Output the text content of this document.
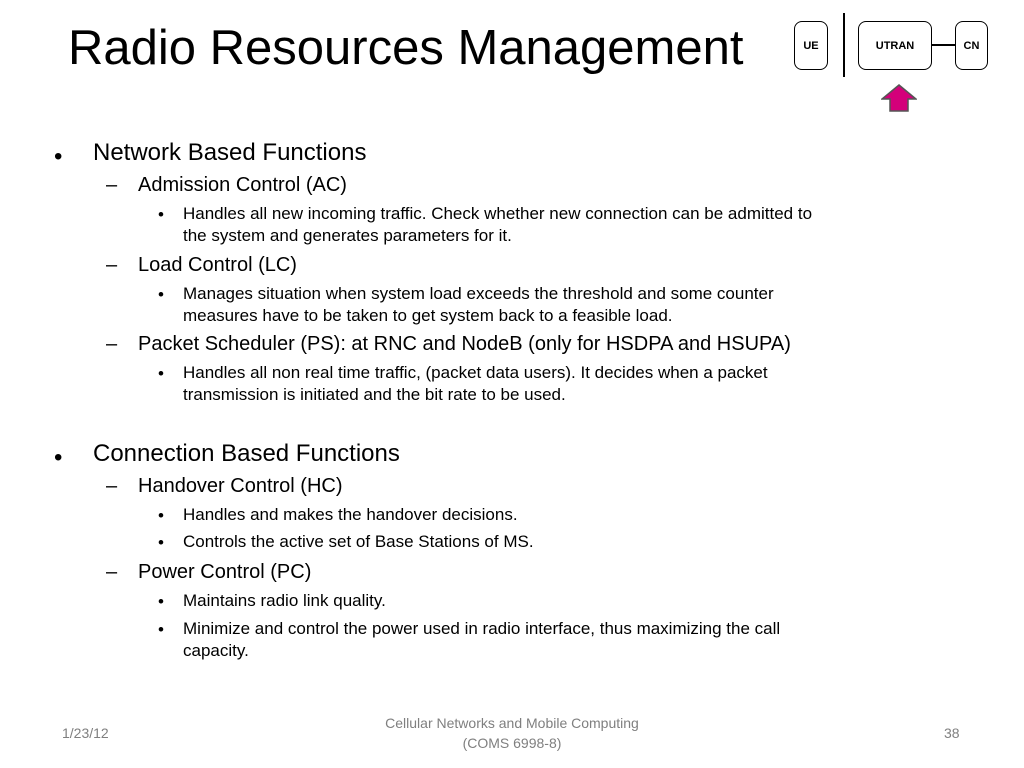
Radio Resources Management	UE	UTRAN	CN
• Network Based Functions
– Admission Control (AC)
• Handles all new incoming traffic. Check whether new connection can be admitted to
the system and generates parameters for it.
– Load Control (LC)
• Manages situation when system load exceeds the threshold and some counter
measures have to be taken to get system back to a feasible load.
– Packet Scheduler (PS): at RNC and NodeB (only for HSDPA and HSUPA)
• Handles all non real time traffic, (packet data users). It decides when a packet
transmission is initiated and the bit rate to be used.
• Connection Based Functions
– Handover Control (HC)
• Handles and makes the handover decisions.
• Controls the active set of Base Stations of MS.
– Power Control (PC)
• Maintains radio link quality.
• Minimize and control the power used in radio interface, thus maximizing the call
capacity.
1/23/12
Cellular Networks and Mobile Computing
(COMS 6998-8)
38
